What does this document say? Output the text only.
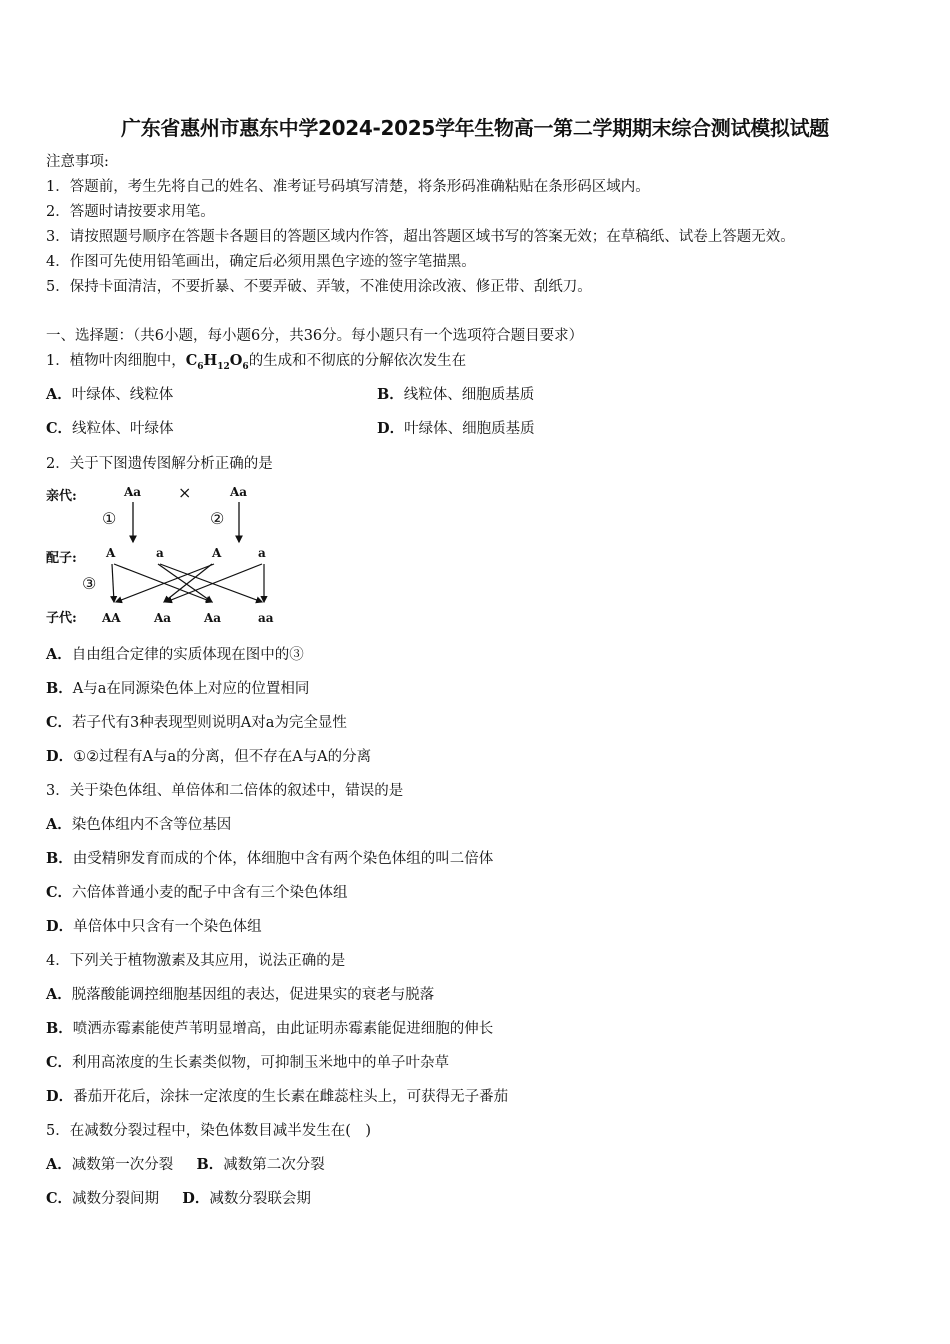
广东省惠州市惠东中学2024-2025学年生物高一第二学期期末综合测试模拟试题
注意事项:
1．答题前，考生先将自己的姓名、准考证号码填写清楚，将条形码准确粘贴在条形码区域内。
2．答题时请按要求用笔。
3．请按照题号顺序在答题卡各题目的答题区域内作答，超出答题区域书写的答案无效；在草稿纸、试卷上答题无效。
4．作图可先使用铅笔画出，确定后必须用黑色字迹的签字笔描黑。
5．保持卡面清洁，不要折暴、不要弄破、弄皱，不准使用涂改液、修正带、刮纸刀。
一、选择题：（共6小题，每小题6分，共36分。每小题只有一个选项符合题目要求）
1．植物叶肉细胞中，$C_6H_{12}O_6$的生成和不彻底的分解依次发生在
A．叶绿体、线粒体	B．线粒体、细胞质基质
C．线粒体、叶绿体	D．叶绿体、细胞质基质
2．关于下图遗传图解分析正确的是
亲代:
配子:
子代:
Aa ×	Aa
①	②
③
A	a	A	a
AA	Aa	Aa	aa
A．自由组合定律的实质体现在图中的③
B．A与a在同源染色体上对应的位置相同
C．若子代有3种表现型则说明A对a为完全显性
D．①②过程有A与a的分离，但不存在A与A的分离
3．关于染色体组、单倍体和二倍体的叙述中，错误的是
A．染色体组内不含等位基因
B．由受精卵发育而成的个体，体细胞中含有两个染色体组的叫二倍体
C．六倍体普通小麦的配子中含有三个染色体组
D．单倍体中只含有一个染色体组
4．下列关于植物激素及其应用，说法正确的是
A．脱落酸能调控细胞基因组的表达，促进果实的衰老与脱落
B．喷洒赤霉素能使芦苇明显增高，由此证明赤霉素能促进细胞的伸长
C．利用高浓度的生长素类似物，可抑制玉米地中的单子叶杂草
D．番茄开花后，涂抹一定浓度的生长素在雌蕊柱头上，可获得无子番茄
5．在减数分裂过程中，染色体数目减半发生在(　)
A．减数第一次分裂 B．减数第二次分裂
C．减数分裂间期 D．减数分裂联会期
